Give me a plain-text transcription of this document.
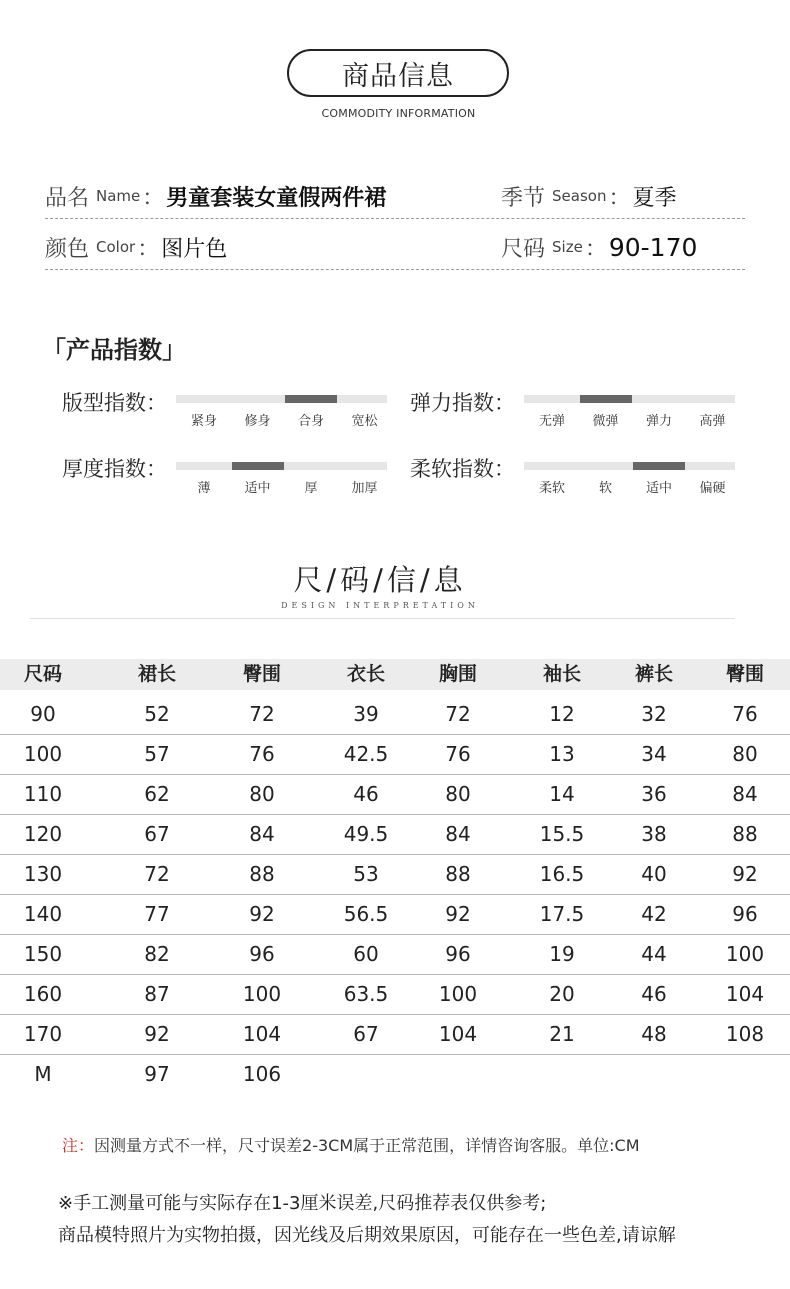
商品信息
COMMODITY INFORMATION
品名 Name ： 男童套装女童假两件裙	季节 Season ： 夏季
颜色 Color ： 图片色	尺码 Size ： 90-170
「产品指数」
版型指数：
紧身	修身	合身	宽松
弹力指数：
无弹	微弹	弹力	高弹
厚度指数：
薄	适中	厚	加厚
柔软指数：
柔软	软	适中	偏硬
尺/码/信/息
DESIGN INTERPRETATION
尺码	裙长	臀围	衣长	胸围	袖长	裤长	臀围
90	52	72	39	72	12	32	76
100	57	76	42.5	76	13	34	80
110	62	80	46	80	14	36	84
120	67	84	49.5	84	15.5	38	88
130	72	88	53	88	16.5	40	92
140	77	92	56.5	92	17.5	42	96
150	82	96	60	96	19	44	100
160	87	100	63.5	100	20	46	104
170	92	104	67	104	21	48	108
M	97	106
注：因测量方式不一样，尺寸误差2-3CM属于正常范围，详情咨询客服。单位:CM
※手工测量可能与实际存在1-3厘米误差,尺码推荐表仅供参考;
商品模特照片为实物拍摄，因光线及后期效果原因，可能存在一些色差,请谅解
